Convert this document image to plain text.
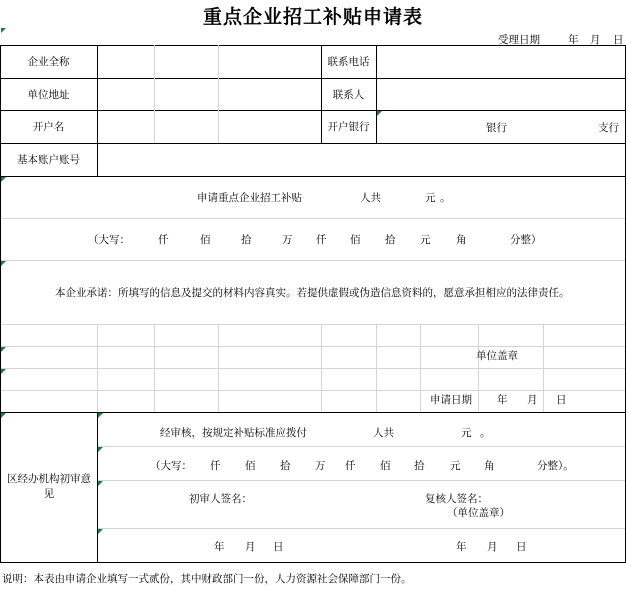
重点企业招工补贴申请表
受理日期	年 月 日
企业全称	联系电话
单位地址	联系人
开户名	开户银行	银行	支行
基本账户账号
申请重点企业招工补贴	人共	元 。
（大写：	仟	佰	拾	万 仟 佰 拾 元 角	分整）
本企业承诺：所填写的信息及提交的材料内容真实。若提供虚假或伪造信息资料的，愿意承担相应的法律责任。
单位盖章
申请日期 年 月 日
区经办机构初审意见
经审核，按规定补贴标准应拨付	人共	元 。
（大写： 仟 佰 拾 万 仟 佰 拾 元 角	分整）。
初审人签名：	复核人签名：
（单位盖章）
年 月 日	年 月 日
说明：本表由申请企业填写一式贰份，其中财政部门一份，人力资源社会保障部门一份。
